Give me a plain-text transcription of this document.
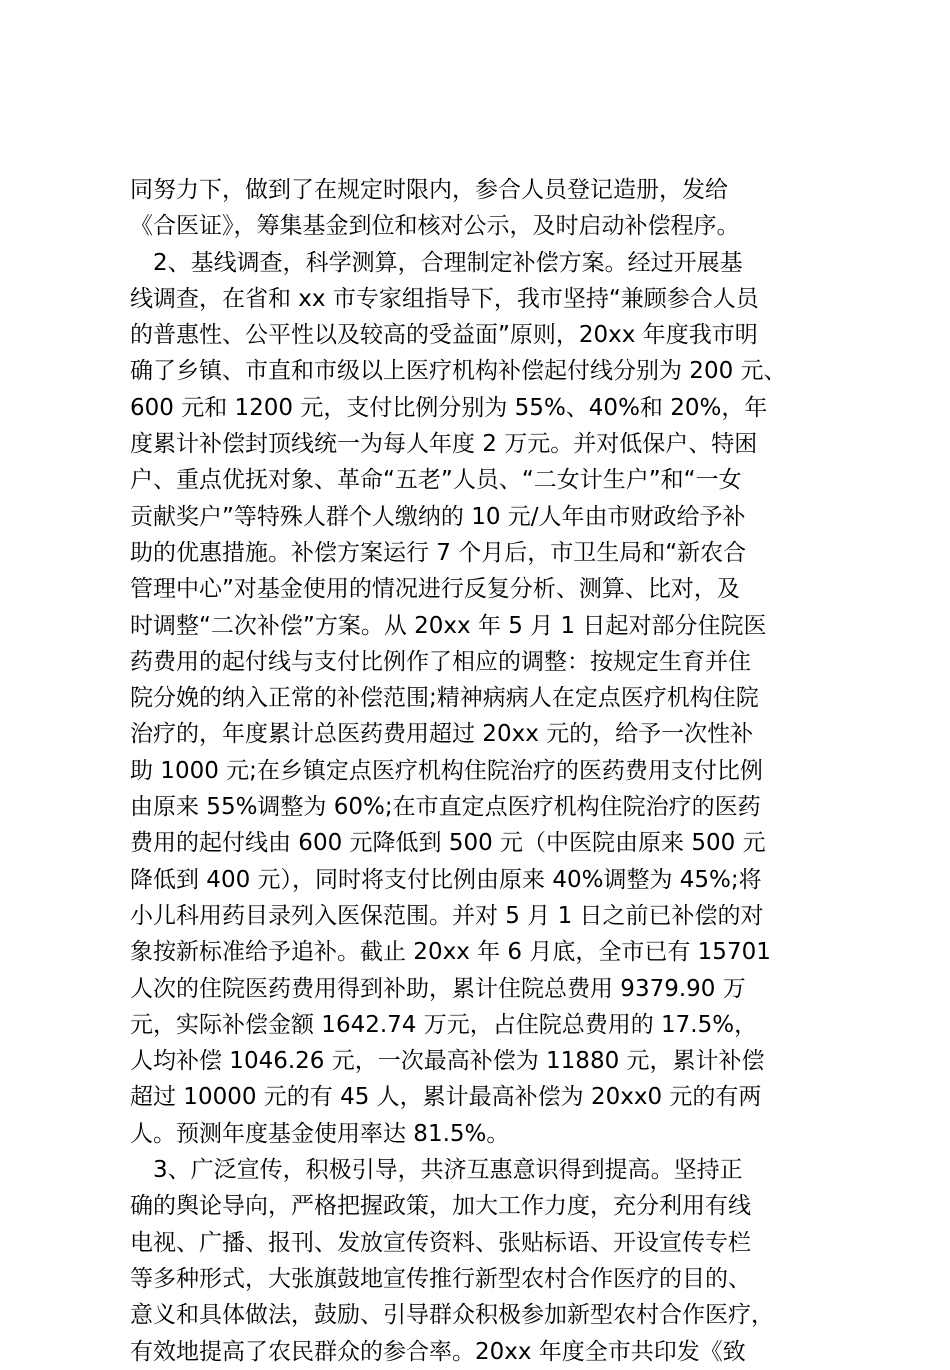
同努力下，做到了在规定时限内，参合人员登记造册，发给
《合医证》，筹集基金到位和核对公示，及时启动补偿程序。
2、基线调查，科学测算，合理制定补偿方案。经过开展基
线调查，在省和 xx 市专家组指导下，我市坚持“兼顾参合人员
的普惠性、公平性以及较高的受益面”原则，20xx 年度我市明
确了乡镇、市直和市级以上医疗机构补偿起付线分别为 200 元、
600 元和 1200 元，支付比例分别为 55%、40%和 20%，年
度累计补偿封顶线统一为每人年度 2 万元。并对低保户、特困
户、重点优抚对象、革命“五老”人员、“二女计生户”和“一女
贡献奖户”等特殊人群个人缴纳的 10 元/人年由市财政给予补
助的优惠措施。补偿方案运行 7 个月后，市卫生局和“新农合
管理中心”对基金使用的情况进行反复分析、测算、比对，及
时调整“二次补偿”方案。从 20xx 年 5 月 1 日起对部分住院医
药费用的起付线与支付比例作了相应的调整：按规定生育并住
院分娩的纳入正常的补偿范围;精神病病人在定点医疗机构住院
治疗的，年度累计总医药费用超过 20xx 元的，给予一次性补
助 1000 元;在乡镇定点医疗机构住院治疗的医药费用支付比例
由原来 55%调整为 60%;在市直定点医疗机构住院治疗的医药
费用的起付线由 600 元降低到 500 元（中医院由原来 500 元
降低到 400 元），同时将支付比例由原来 40%调整为 45%;将
小儿科用药目录列入医保范围。并对 5 月 1 日之前已补偿的对
象按新标准给予追补。截止 20xx 年 6 月底，全市已有 15701
人次的住院医药费用得到补助，累计住院总费用 9379.90 万
元，实际补偿金额 1642.74 万元，占住院总费用的 17.5%，
人均补偿 1046.26 元，一次最高补偿为 11880 元，累计补偿
超过 10000 元的有 45 人，累计最高补偿为 20xx0 元的有两
人。预测年度基金使用率达 81.5%。
3、广泛宣传，积极引导，共济互惠意识得到提高。坚持正
确的舆论导向，严格把握政策，加大工作力度，充分利用有线
电视、广播、报刊、发放宣传资料、张贴标语、开设宣传专栏
等多种形式，大张旗鼓地宣传推行新型农村合作医疗的目的、
意义和具体做法，鼓励、引导群众积极参加新型农村合作医疗，
有效地提高了农民群众的参合率。20xx 年度全市共印发《致
